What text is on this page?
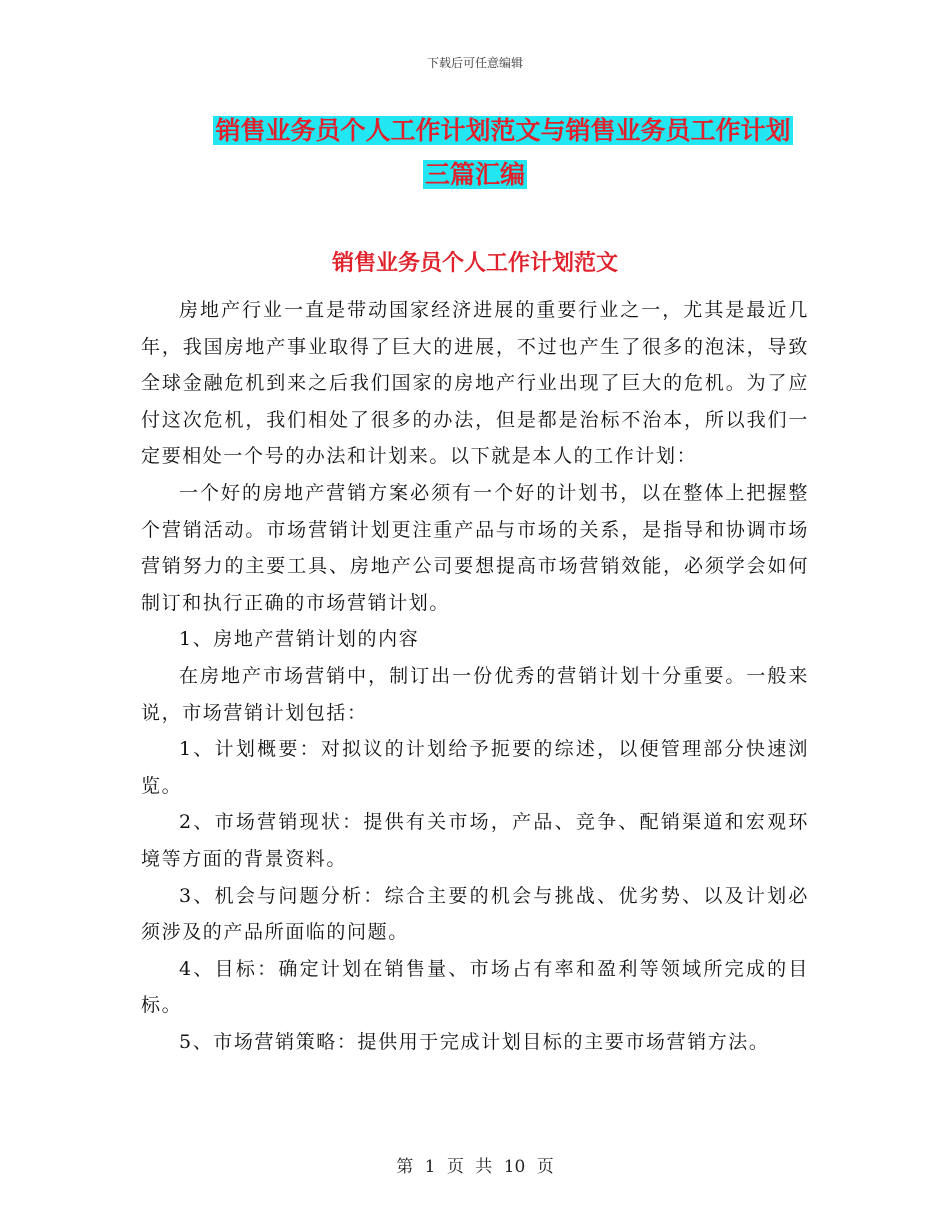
下载后可任意编辑
销售业务员个人工作计划范文与销售业务员工作计划
三篇汇编
销售业务员个人工作计划范文

房地产行业一直是带动国家经济进展的重要行业之一，尤其是最近几年，我国房地产事业取得了巨大的进展，不过也产生了很多的泡沫，导致全球金融危机到来之后我们国家的房地产行业出现了巨大的危机。为了应付这次危机，我们相处了很多的办法，但是都是治标不治本，所以我们一定要相处一个号的办法和计划来。以下就是本人的工作计划：

一个好的房地产营销方案必须有一个好的计划书，以在整体上把握整个营销活动。市场营销计划更注重产品与市场的关系，是指导和协调市场营销努力的主要工具、房地产公司要想提高市场营销效能，必须学会如何制订和执行正确的市场营销计划。

1、房地产营销计划的内容

在房地产市场营销中，制订出一份优秀的营销计划十分重要。一般来说，市场营销计划包括：

1、计划概要：对拟议的计划给予扼要的综述，以便管理部分快速浏览。

2、市场营销现状：提供有关市场，产品、竞争、配销渠道和宏观环境等方面的背景资料。

3、机会与问题分析：综合主要的机会与挑战、优劣势、以及计划必须涉及的产品所面临的问题。

4、目标：确定计划在销售量、市场占有率和盈利等领域所完成的目标。

5、市场营销策略：提供用于完成计划目标的主要市场营销方法。

第 1 页 共 10 页
